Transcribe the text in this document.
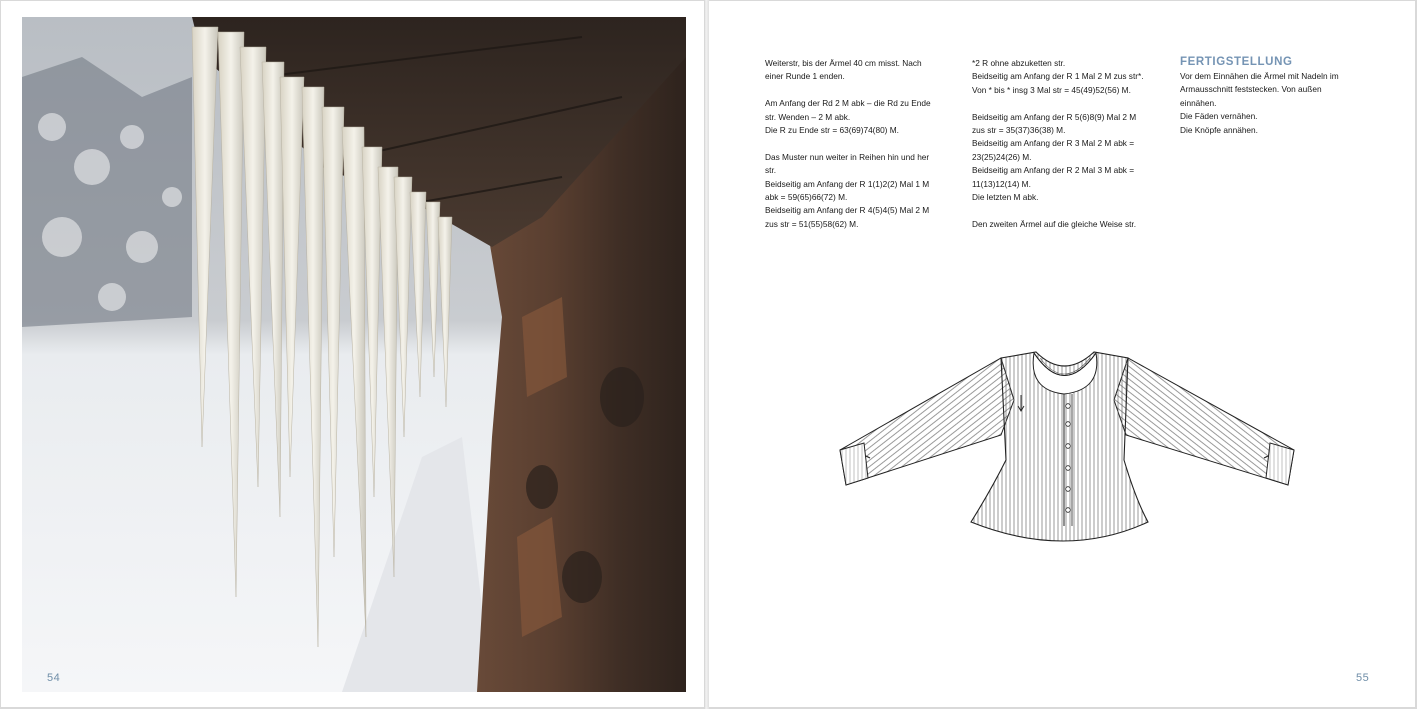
54

Weiterstr, bis der Ärmel 40 cm misst. Nach
einer Runde 1 enden.

Am Anfang der Rd 2 M abk – die Rd zu Ende
str. Wenden – 2 M abk.
Die R zu Ende str = 63(69)74(80) M.

Das Muster nun weiter in Reihen hin und her
str.
Beidseitig am Anfang der R 1(1)2(2) Mal 1 M
abk = 59(65)66(72) M.
Beidseitig am Anfang der R 4(5)4(5) Mal 2 M
zus str = 51(55)58(62) M.

*2 R ohne abzuketten str.
Beidseitig am Anfang der R 1 Mal 2 M zus str*.
Von * bis * insg 3 Mal str = 45(49)52(56) M.

Beidseitig am Anfang der R 5(6)8(9) Mal 2 M
zus str = 35(37)36(38) M.
Beidseitig am Anfang der R 3 Mal 2 M abk =
23(25)24(26) M.
Beidseitig am Anfang der R 2 Mal 3 M abk =
11(13)12(14) M.
Die letzten M abk.

Den zweiten Ärmel auf die gleiche Weise str.

FERTIGSTELLUNG

Vor dem Einnähen die Ärmel mit Nadeln im

Armausschnitt feststecken. Von außen

einnähen.

Die Fäden vernähen.

Die Knöpfe annähen.

55
